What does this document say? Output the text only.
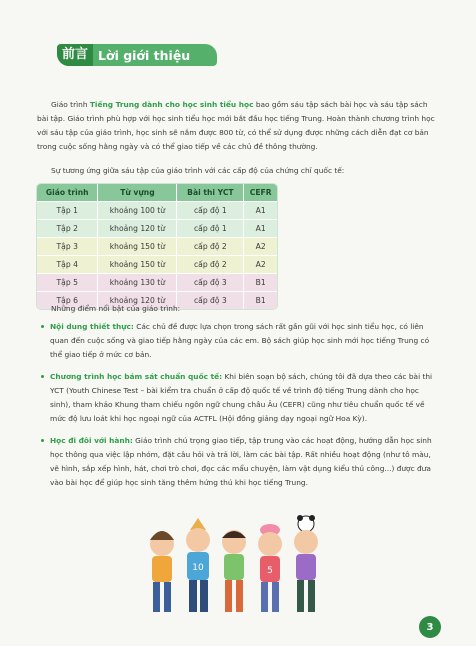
前言 Lời giới thiệu

Giáo trình Tiếng Trung dành cho học sinh tiểu học bao gồm sáu tập sách bài học và sáu tập sách bài tập. Giáo trình phù hợp với học sinh tiểu học mới bắt đầu học tiếng Trung. Hoàn thành chương trình học với sáu tập của giáo trình, học sinh sẽ nắm được 800 từ, có thể sử dụng được những cách diễn đạt cơ bản trong cuộc sống hằng ngày và có thể giao tiếp về các chủ đề thông thường.

Sự tương ứng giữa sáu tập của giáo trình với các cấp độ của chứng chỉ quốc tế:

Giáo trình	Từ vựng	Bài thi YCT	CEFR
Tập 1	khoảng 100 từ	cấp độ 1	A1
Tập 2	khoảng 120 từ	cấp độ 1	A1
Tập 3	khoảng 150 từ	cấp độ 2	A2
Tập 4	khoảng 150 từ	cấp độ 2	A2
Tập 5	khoảng 130 từ	cấp độ 3	B1
Tập 6	khoảng 120 từ	cấp độ 3	B1

Những điểm nổi bật của giáo trình:

Nội dung thiết thực: Các chủ đề được lựa chọn trong sách rất gần gũi với học sinh tiểu học, có liên quan đến cuộc sống và giao tiếp hằng ngày của các em. Bộ sách giúp học sinh mới học tiếng Trung có thể giao tiếp ở mức cơ bản.
Chương trình học bám sát chuẩn quốc tế: Khi biên soạn bộ sách, chúng tôi đã dựa theo các bài thi YCT (Youth Chinese Test – bài kiểm tra chuẩn ở cấp độ quốc tế về trình độ tiếng Trung dành cho học sinh), tham khảo Khung tham chiếu ngôn ngữ chung châu Âu (CEFR) cũng như tiêu chuẩn quốc tế về mức độ lưu loát khi học ngoại ngữ của ACTFL (Hội đồng giảng dạy ngoại ngữ Hoa Kỳ).
Học đi đôi với hành: Giáo trình chú trọng giao tiếp, tập trung vào các hoạt động, hướng dẫn học sinh học thông qua việc lập nhóm, đặt câu hỏi và trả lời, làm các bài tập. Rất nhiều hoạt động (như tô màu, vẽ hình, sắp xếp hình, hát, chơi trò chơi, đọc các mẩu chuyện, làm vật dụng kiểu thủ công...) được đưa vào bài học để giúp học sinh tăng thêm hứng thú khi học tiếng Trung.
10	5
3
